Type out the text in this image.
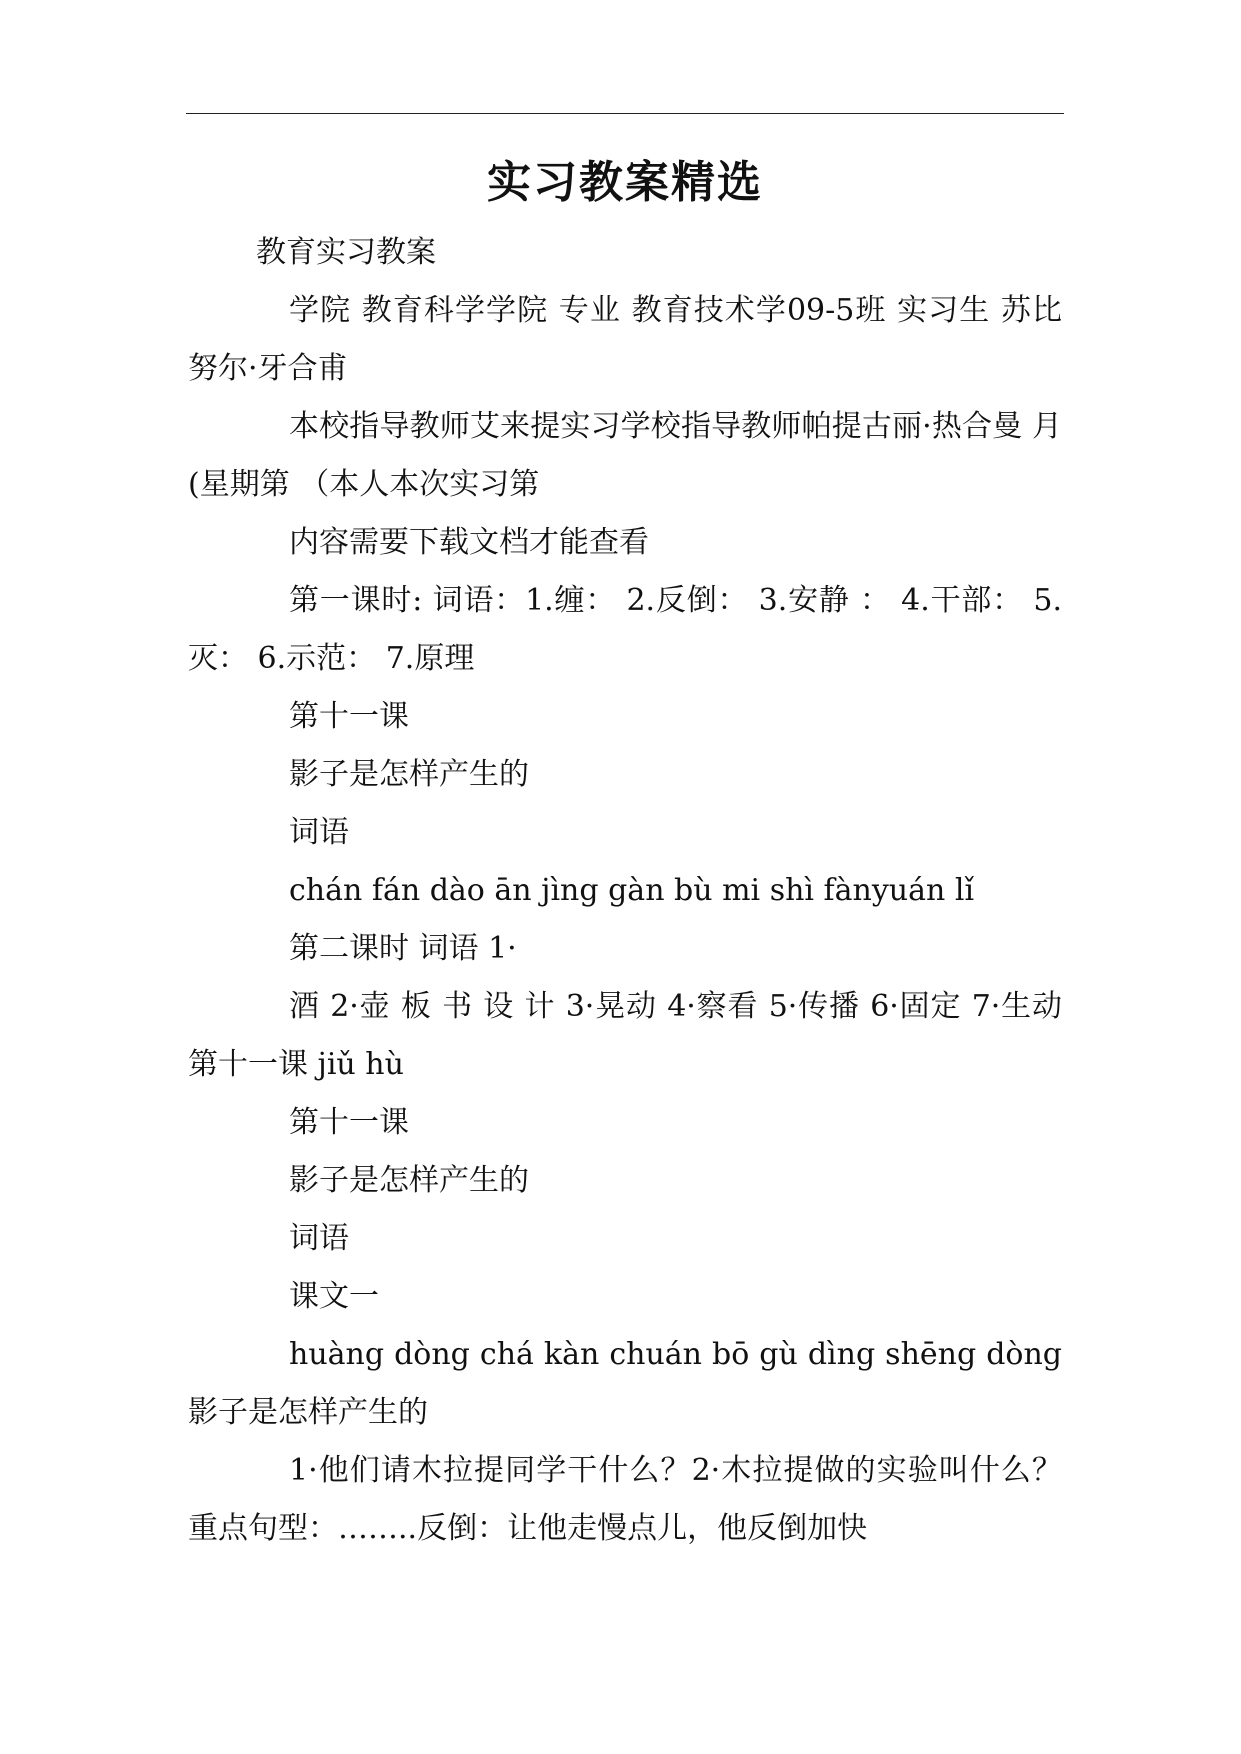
实习教案精选

教育实习教案

学院 教育科学学院 专业 教育技术学09-5班 实习生 苏比努尔·牙合甫

本校指导教师艾来提实习学校指导教师帕提古丽·热合曼 月 (星期第 （本人本次实习第

内容需要下载文档才能查看

第一课时: 词语：1.缠： 2.反倒： 3.安静 ： 4.干部： 5.灭： 6.示范： 7.原理

第十一课

影子是怎样产生的

词语

chán fán dào ān jìng gàn bù mi shì fànyuán lǐ

第二课时 词语 1·

酒 2·壶 板 书 设 计 3·晃动 4·察看 5·传播 6·固定 7·生动 第十一课 jiǔ hù

第十一课

影子是怎样产生的

词语

课文一

huàng dòng chá kàn chuán bō gù dìng shēng dòng 影子是怎样产生的

1·他们请木拉提同学干什么？2·木拉提做的实验叫什么？重点句型：……..反倒：让他走慢点儿，他反倒加快
